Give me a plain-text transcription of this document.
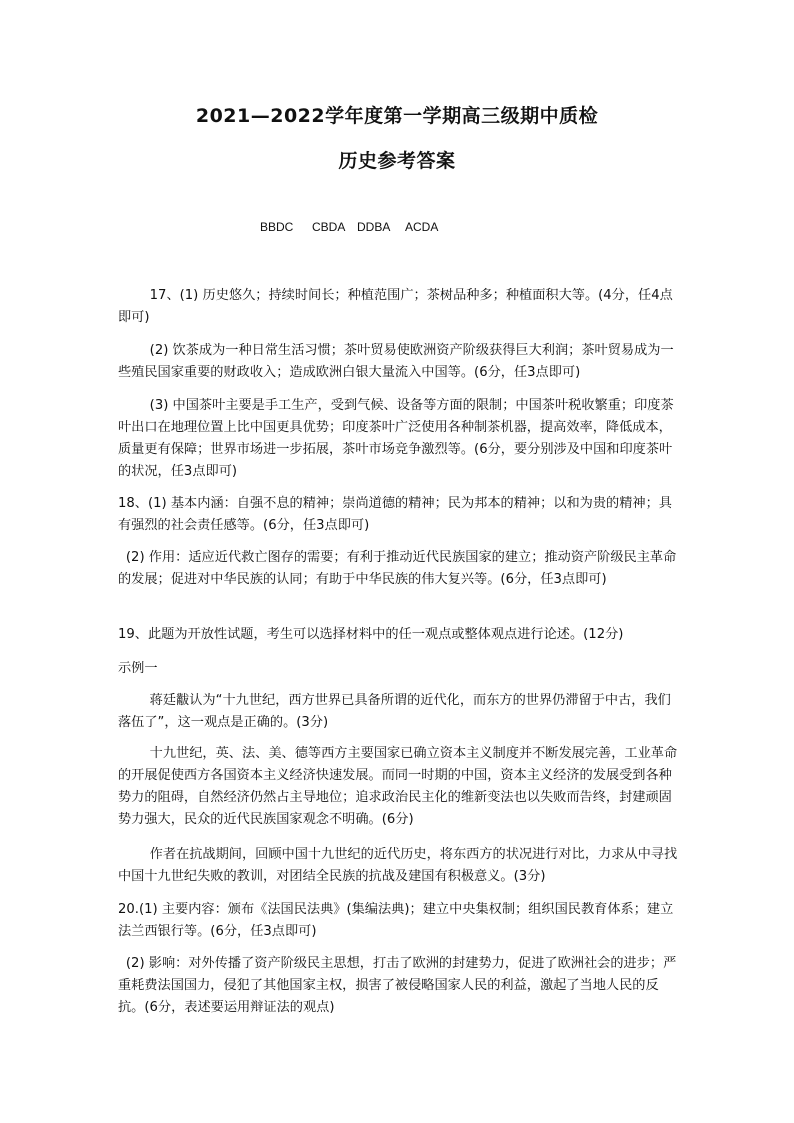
2021—2022学年度第一学期高三级期中质检
历史参考答案
BBDC CBDA DDBA ACDA

17、(1) 历史悠久；持续时间长；种植范围广；茶树品种多；种植面积大等。(4分，任4点即可)

(2) 饮茶成为一种日常生活习惯；茶叶贸易使欧洲资产阶级获得巨大利润；茶叶贸易成为一些殖民国家重要的财政收入；造成欧洲白银大量流入中国等。(6分，任3点即可)

(3) 中国茶叶主要是手工生产，受到气候、设备等方面的限制；中国茶叶税收繁重；印度茶叶出口在地理位置上比中国更具优势；印度茶叶广泛使用各种制茶机器，提高效率，降低成本，质量更有保障；世界市场进一步拓展，茶叶市场竞争激烈等。(6分，要分别涉及中国和印度茶叶的状况，任3点即可)

18、(1) 基本内涵：自强不息的精神；崇尚道德的精神；民为邦本的精神；以和为贵的精神；具有强烈的社会责任感等。(6分，任3点即可)

(2) 作用：适应近代救亡图存的需要；有利于推动近代民族国家的建立；推动资产阶级民主革命的发展；促进对中华民族的认同；有助于中华民族的伟大复兴等。(6分，任3点即可)

19、此题为开放性试题，考生可以选择材料中的任一观点或整体观点进行论述。(12分)

示例一

蒋廷黻认为“十九世纪，西方世界已具备所谓的近代化，而东方的世界仍滞留于中古，我们落伍了”，这一观点是正确的。(3分)

十九世纪，英、法、美、德等西方主要国家已确立资本主义制度并不断发展完善，工业革命的开展促使西方各国资本主义经济快速发展。而同一时期的中国，资本主义经济的发展受到各种势力的阻碍，自然经济仍然占主导地位；追求政治民主化的维新变法也以失败而告终，封建顽固势力强大，民众的近代民族国家观念不明确。(6分)

作者在抗战期间，回顾中国十九世纪的近代历史，将东西方的状况进行对比，力求从中寻找中国十九世纪失败的教训，对团结全民族的抗战及建国有积极意义。(3分)

20.(1) 主要内容：颁布《法国民法典》(集编法典)；建立中央集权制；组织国民教育体系；建立法兰西银行等。(6分，任3点即可)

(2) 影响：对外传播了资产阶级民主思想，打击了欧洲的封建势力，促进了欧洲社会的进步；严重耗费法国国力，侵犯了其他国家主权，损害了被侵略国家人民的利益，激起了当地人民的反抗。(6分，表述要运用辩证法的观点)
